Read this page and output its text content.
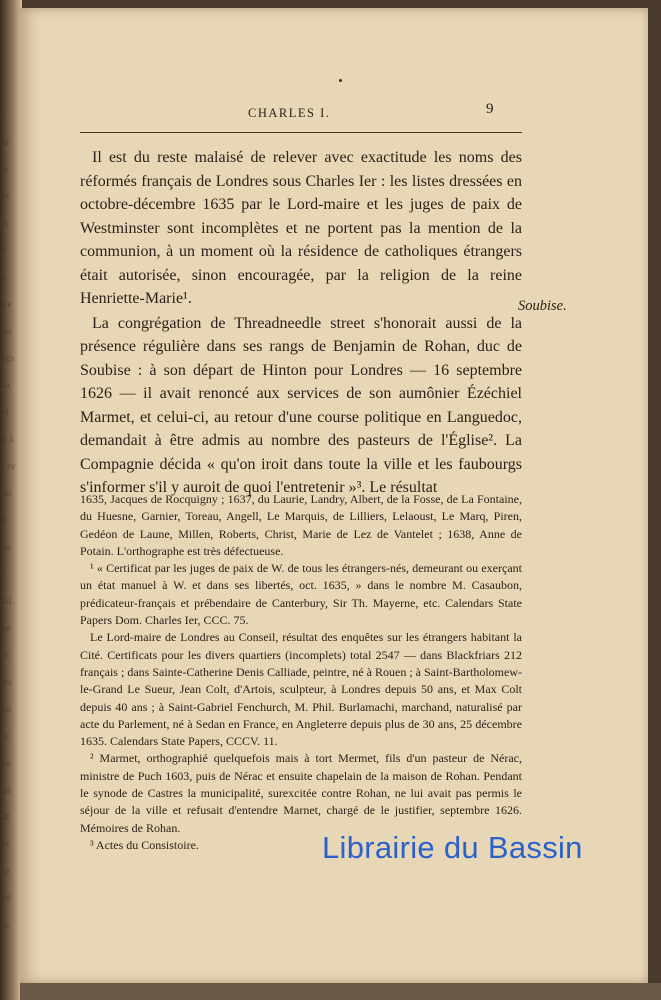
a
ur
le
lo
ls
il
à
tre
rei
ngs
sa
el
ll à
Cor
do
P
us
r
GL
ne
lo
iro
ler
re
ve
ga
4f
lo
sé
ed
tit
CHARLES I.	9

Il est du reste malaisé de relever avec exactitude les noms des réformés français de Londres sous Charles Ier : les listes dressées en octobre-décembre 1635 par le Lord-maire et les juges de paix de Westminster sont incomplètes et ne portent pas la mention de la communion, à un moment où la résidence de catholiques étrangers était autorisée, sinon encouragée, par la religion de la reine Henriette-Marie¹.

La congrégation de Threadneedle street s'honorait aussi de la présence régulière dans ses rangs de Benjamin de Rohan, duc de Soubise : à son départ de Hinton pour Londres — 16 septembre 1626 — il avait renoncé aux services de son aumônier Ézéchiel Marmet, et celui-ci, au retour d'une course politique en Languedoc, demandait à être admis au nombre des pasteurs de l'Église². La Compagnie décida « qu'on iroit dans toute la ville et les faubourgs s'informer s'il y auroit de quoi l'entretenir »³. Le résultat

Soubise.

1635, Jacques de Rocquigny ; 1637, du Laurie, Landry, Albert, de la Fosse, de La Fontaine, du Huesne, Garnier, Toreau, Angell, Le Marquis, de Lilliers, Lelaoust, Le Marq, Piren, Gedéon de Laune, Millen, Roberts, Christ, Marie de Lez de Vantelet ; 1638, Anne de Potain. L'orthographe est très défectueuse.

¹ « Certificat par les juges de paix de W. de tous les étrangers-nés, demeurant ou exerçant un état manuel à W. et dans ses libertés, oct. 1635, » dans le nombre M. Casaubon, prédicateur-français et prébendaire de Canterbury, Sir Th. Mayerne, etc. Calendars State Papers Dom. Charles Ier, CCC. 75.

Le Lord-maire de Londres au Conseil, résultat des enquêtes sur les étrangers habitant la Cité. Certificats pour les divers quartiers (incomplets) total 2547 — dans Blackfriars 212 français ; dans Sainte-Catherine Denis Calliade, peintre, né à Rouen ; à Saint-Bartholomew-le-Grand Le Sueur, Jean Colt, d'Artois, sculpteur, à Londres depuis 50 ans, et Max Colt depuis 40 ans ; à Saint-Gabriel Fenchurch, M. Phil. Burlamachi, marchand, naturalisé par acte du Parlement, né à Sedan en France, en Angleterre depuis plus de 30 ans, 25 décembre 1635. Calendars State Papers, CCCV. 11.

² Marmet, orthographié quelquefois mais à tort Mermet, fils d'un pasteur de Nérac, ministre de Puch 1603, puis de Nérac et ensuite chapelain de la maison de Rohan. Pendant le synode de Castres la municipalité, surexcitée contre Rohan, ne lui avait pas permis le séjour de la ville et refusait d'entendre Marnet, chargé de le justifier, septembre 1626. Mémoires de Rohan.

³ Actes du Consistoire.	Librairie du Bassin
